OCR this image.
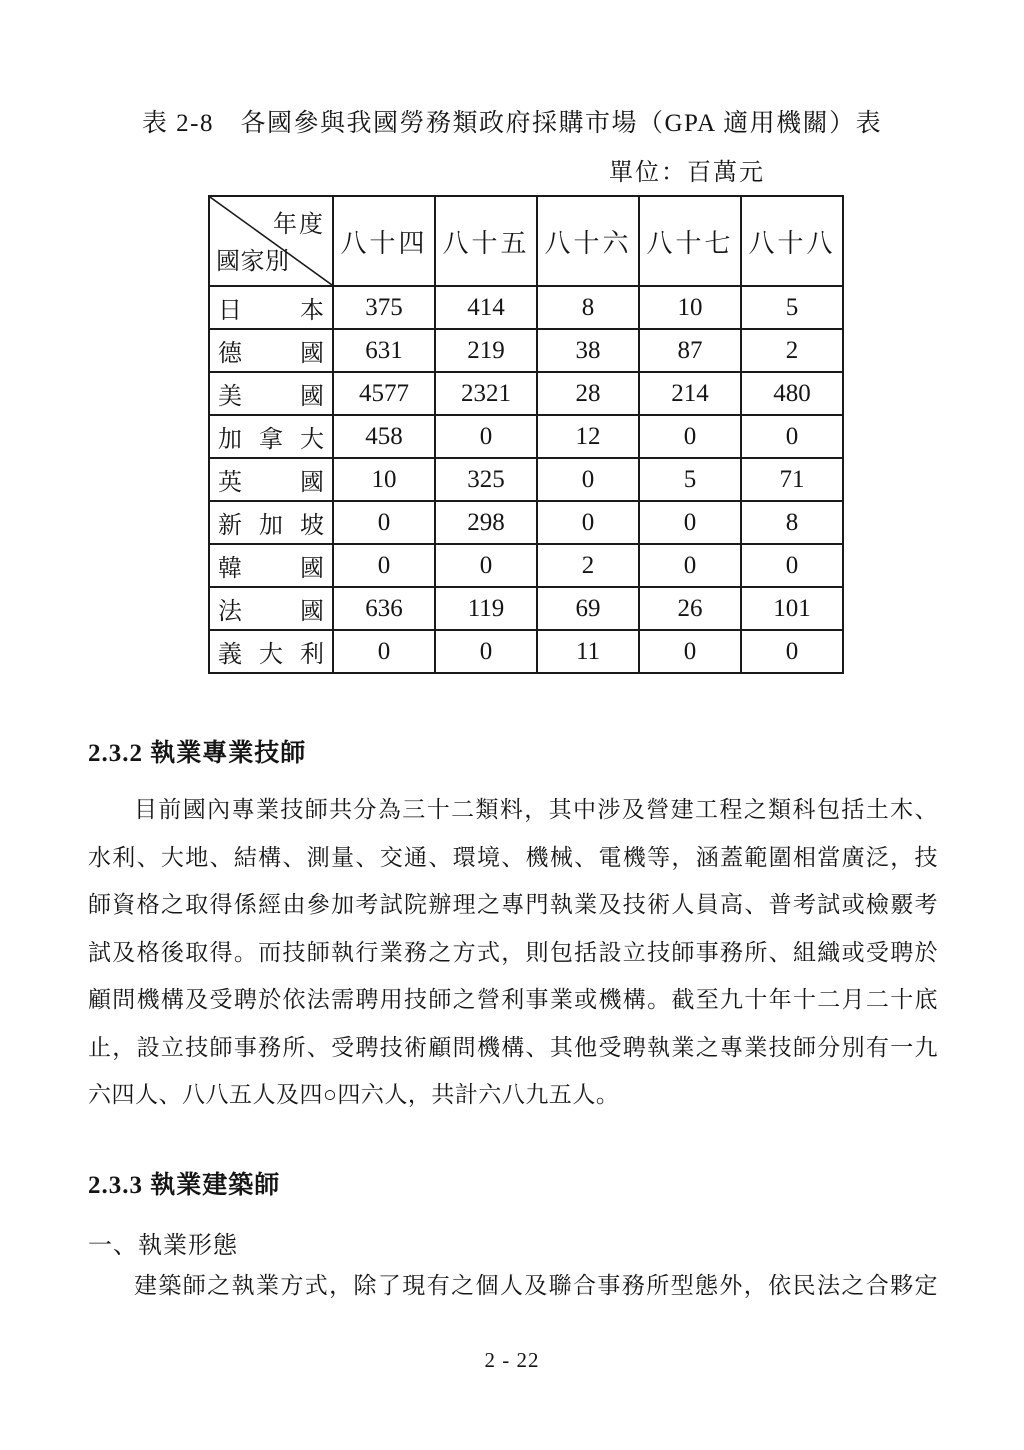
表 2-8　各國參與我國勞務類政府採購市場（GPA 適用機關）表
單位：百萬元
年度
國家別	八十四	八十五	八十六	八十七	八十八
日本	375	414	8	10	5
德國	631	219	38	87	2
美國	4577	2321	28	214	480
加拿大	458	0	12	0	0
英國	10	325	0	5	71
新加坡	0	298	0	0	8
韓國	0	0	2	0	0
法國	636	119	69	26	101
義大利	0	0	11	0	0
2.3.2 執業專業技師
目前國內專業技師共分為三十二類料，其中涉及營建工程之類科包括土木、
水利、大地、結構、測量、交通、環境、機械、電機等，涵蓋範圍相當廣泛，技
師資格之取得係經由參加考試院辦理之專門執業及技術人員高、普考試或檢覈考
試及格後取得。而技師執行業務之方式，則包括設立技師事務所、組織或受聘於
顧問機構及受聘於依法需聘用技師之營利事業或機構。截至九十年十二月二十底
止，設立技師事務所、受聘技術顧問機構、其他受聘執業之專業技師分別有一九
六四人、八八五人及四○四六人，共計六八九五人。
2.3.3 執業建築師
一、執業形態
建築師之執業方式，除了現有之個人及聯合事務所型態外，依民法之合夥定
2 - 22
